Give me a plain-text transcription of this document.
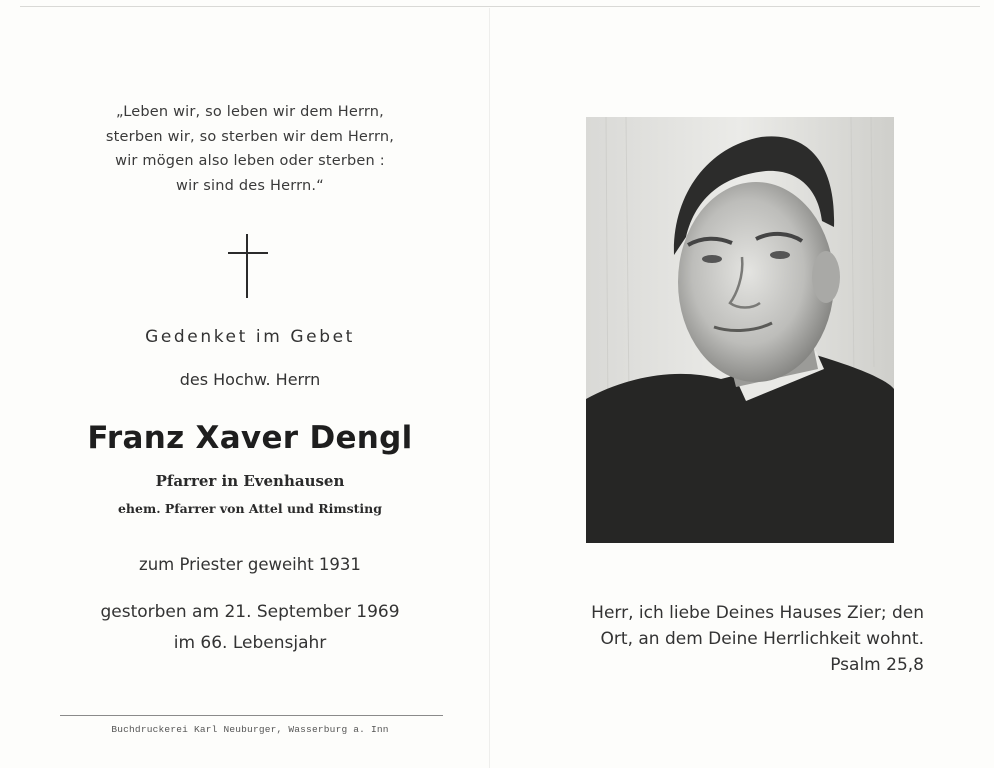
„Leben wir, so leben wir dem Herrn,
sterben wir, so sterben wir dem Herrn,
wir mögen also leben oder sterben :
wir sind des Herrn.“
Gedenket im Gebet
des Hochw. Herrn
Franz Xaver Dengl
Pfarrer in Evenhausen
ehem. Pfarrer von Attel und Rimsting
zum Priester geweiht 1931
gestorben am 21. September 1969
im 66. Lebensjahr
Buchdruckerei Karl Neuburger, Wasserburg a. Inn
Herr, ich liebe Deines Hauses Zier; den
Ort, an dem Deine Herrlichkeit wohnt.
Psalm 25,8
